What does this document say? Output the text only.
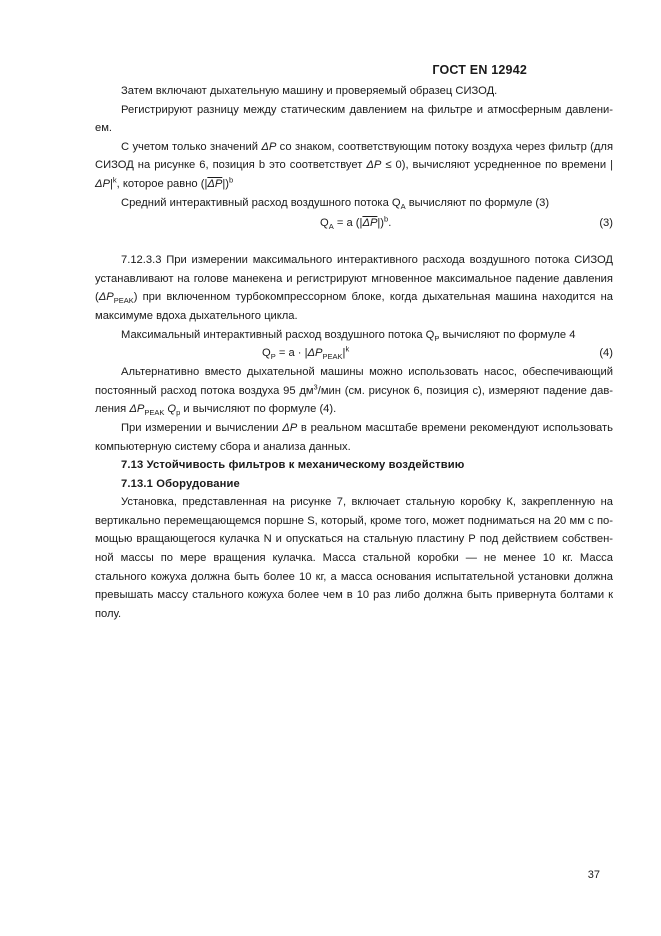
ГОСТ EN 12942

Затем включают дыхательную машину и проверяемый образец СИЗОД.

Регистрируют разницу между статическим давлением на фильтре и атмосферным давлени-ем.

С учетом только значений ΔP со знаком, соответствующим потоку воздуха через фильтр (для СИЗОД на рисунке 6, позиция b это соответствует ΔP ≤ 0), вычисляют усредненное по времени $|\Delta P|^k$, которое равно $(|\overline{\Delta P}|)^b$

Средний интерактивный расход воздушного потока $Q_A$ вычисляют по формуле (3)

$Q_A = a$ $(|\overline{\Delta P}|)^b$.	(3)

7.12.3.3 При измерении максимального интерактивного расхода воздушного потока СИЗОД устанавливают на голове манекена и регистрируют мгновенное максимальное падение давления $(\Delta P_{PEAK})$ при включенном турбокомпрессорном блоке, когда дыхательная машина находится на максимуме вдоха дыхательного цикла.

Максимальный интерактивный расход воздушного потока $Q_P$ вычисляют по формуле 4

$Q_P = a \cdot |\Delta P_{PEAK}|^k$	(4)

Альтернативно вместо дыхательной машины можно использовать насос, обеспечивающий постоянный расход потока воздуха 95 $дм^3$/мин (см. рисунок 6, позиция с), измеряют падение дав-ления $\Delta P_{PEAK}$ $Q_p$ и вычисляют по формуле (4).

При измерении и вычислении ΔP в реальном масштабе времени рекомендуют использовать компьютерную систему сбора и анализа данных.

7.13 Устойчивость фильтров к механическому воздействию

7.13.1 Оборудование

Установка, представленная на рисунке 7, включает стальную коробку К, закрепленную на вертикально перемещающемся поршне S, который, кроме того, может подниматься на 20 мм с по-мощью вращающегося кулачка N и опускаться на стальную пластину Р под действием собствен-ной массы по мере вращения кулачка. Масса стальной коробки — не менее 10 кг. Масса стального кожуха должна быть более 10 кг, а масса основания испытательной установки должна превышать массу стального кожуха более чем в 10 раз либо должна быть привернута болтами к полу.

37
